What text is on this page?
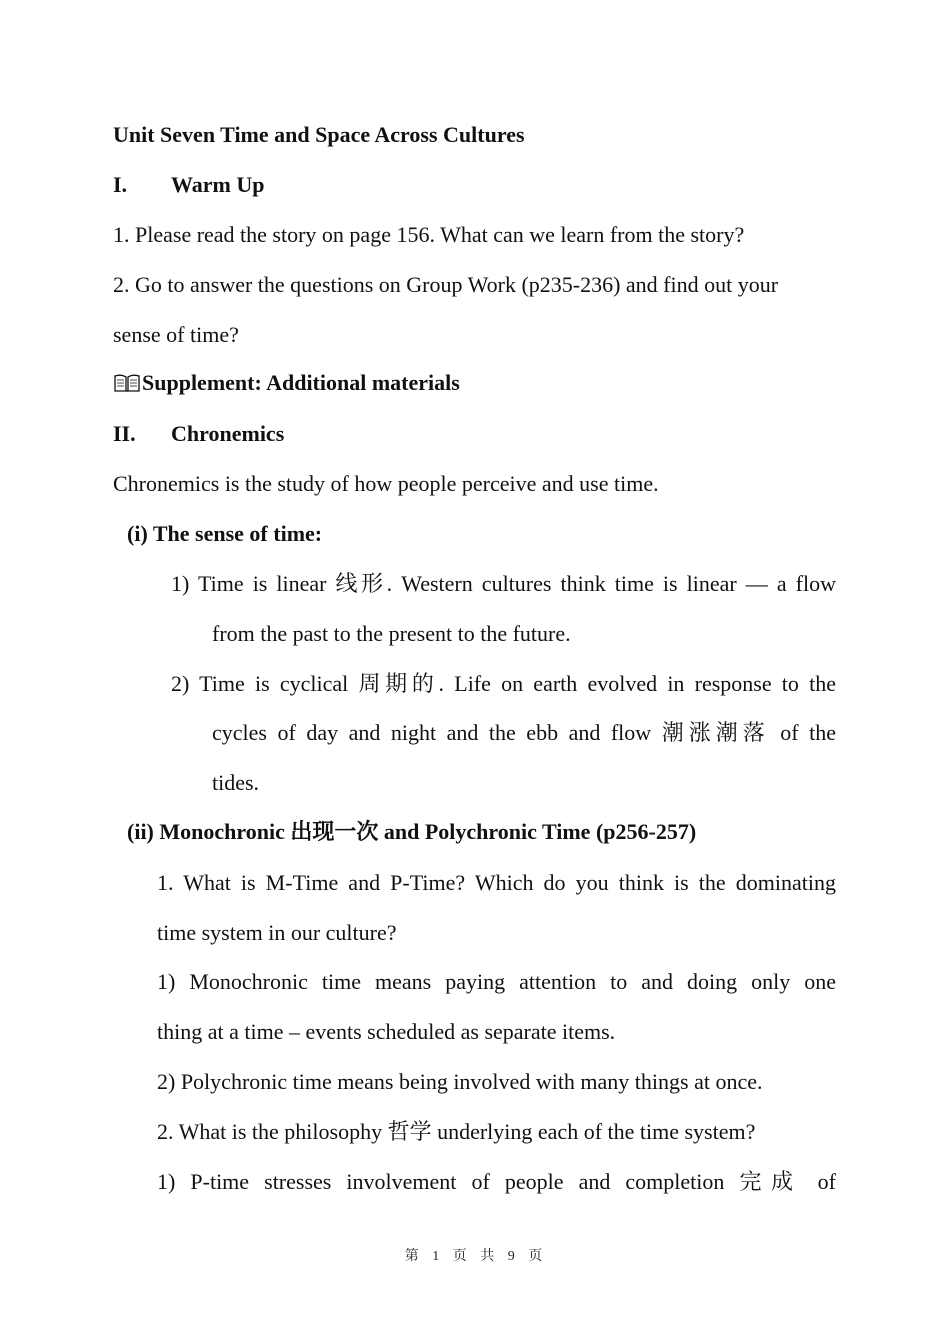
Unit Seven Time and Space Across Cultures
I. Warm Up
1. Please read the story on page 156. What can we learn from the story?
2. Go to answer the questions on Group Work (p235-236) and find out your
sense of time?
Supplement: Additional materials
II. Chronemics
Chronemics is the study of how people perceive and use time.
(i) The sense of time:
1) Time is linear 线形. Western cultures think time is linear — a flow
from the past to the present to the future.
2) Time is cyclical 周期的. Life on earth evolved in response to the
cycles of day and night and the ebb and flow 潮涨潮落 of the
tides.
(ii) Monochronic 出现一次 and Polychronic Time (p256-257)
1. What is M-Time and P-Time? Which do you think is the dominating
time system in our culture?
1) Monochronic time means paying attention to and doing only one
thing at a time – events scheduled as separate items.
2) Polychronic time means being involved with many things at once.
2. What is the philosophy 哲学 underlying each of the time system?
1) P-time stresses involvement of people and completion 完成 of
第 1 页 共 9 页
